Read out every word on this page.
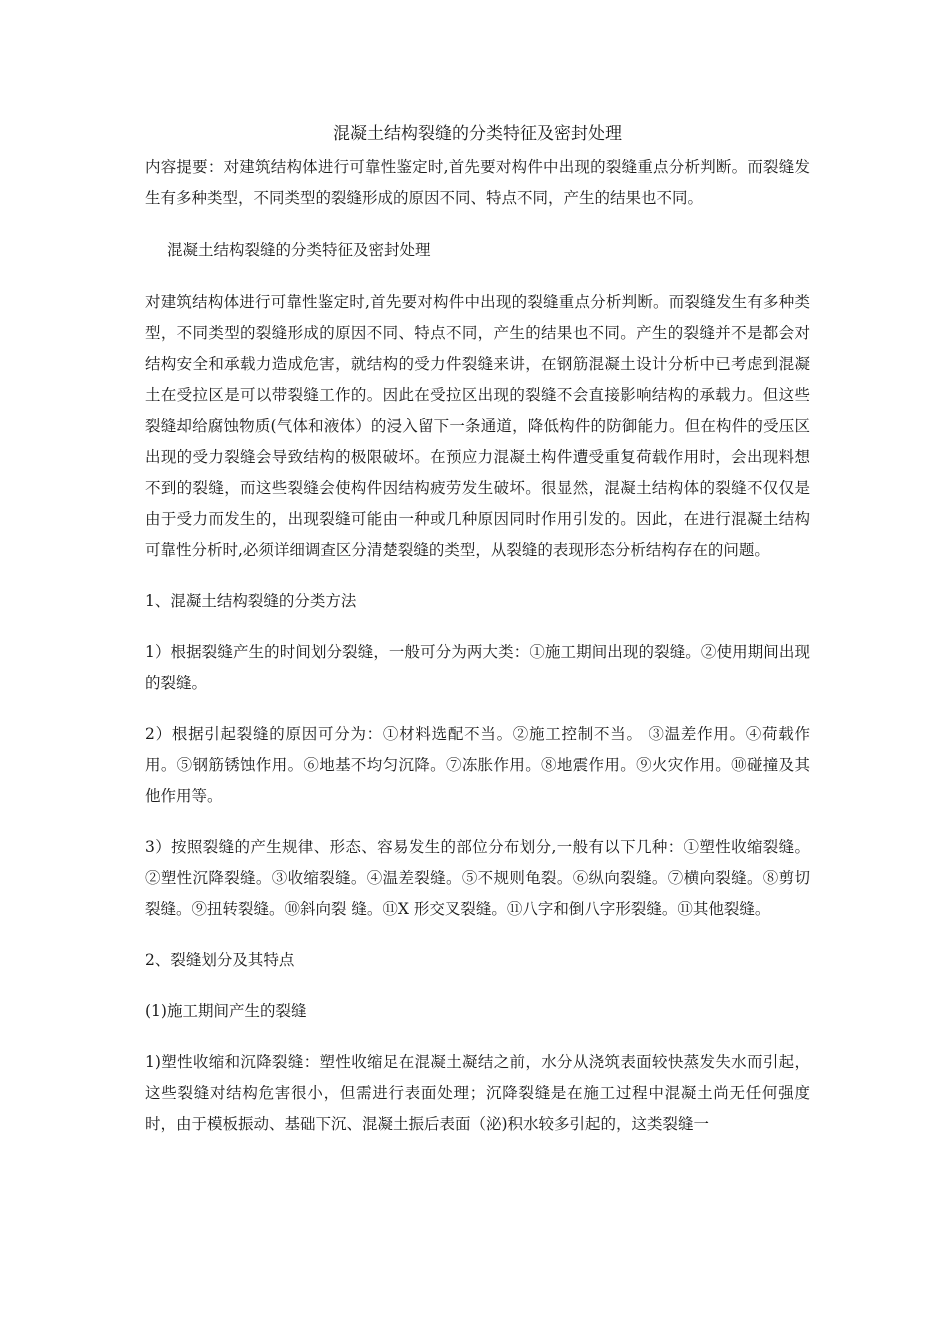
混凝土结构裂缝的分类特征及密封处理

内容提要：对建筑结构体进行可靠性鉴定时,首先要对构件中出现的裂缝重点分析判断。而裂缝发生有多种类型，不同类型的裂缝形成的原因不同、特点不同，产生的结果也不同。

混凝土结构裂缝的分类特征及密封处理

对建筑结构体进行可靠性鉴定时,首先要对构件中出现的裂缝重点分析判断。而裂缝发生有多种类型，不同类型的裂缝形成的原因不同、特点不同，产生的结果也不同。产生的裂缝并不是都会对结构安全和承载力造成危害，就结构的受力件裂缝来讲，在钢筋混凝土设计分析中已考虑到混凝土在受拉区是可以带裂缝工作的。因此在受拉区出现的裂缝不会直接影响结构的承载力。但这些裂缝却给腐蚀物质(气体和液体）的浸入留下一条通道，降低构件的防御能力。但在构件的受压区出现的受力裂缝会导致结构的极限破坏。在预应力混凝土构件遭受重复荷载作用时，会出现料想不到的裂缝，而这些裂缝会使构件因结构疲劳发生破坏。很显然，混凝土结构体的裂缝不仅仅是由于受力而发生的，出现裂缝可能由一种或几种原因同时作用引发的。因此，在进行混凝土结构可靠性分析时,必须详细调查区分清楚裂缝的类型，从裂缝的表现形态分析结构存在的问题。

1、混凝土结构裂缝的分类方法

1）根据裂缝产生的时间划分裂缝，一般可分为两大类：①施工期间出现的裂缝。②使用期间出现的裂缝。

2）根据引起裂缝的原因可分为：①材料选配不当。②施工控制不当。 ③温差作用。④荷载作用。⑤钢筋锈蚀作用。⑥地基不均匀沉降。⑦冻胀作用。⑧地震作用。⑨火灾作用。⑩碰撞及其他作用等。

3）按照裂缝的产生规律、形态、容易发生的部位分布划分,一般有以下几种：①塑性收缩裂缝。②塑性沉降裂缝。③收缩裂缝。④温差裂缝。⑤不规则龟裂。⑥纵向裂缝。⑦横向裂缝。⑧剪切裂缝。⑨扭转裂缝。⑩斜向裂 缝。⑪X 形交叉裂缝。⑪八字和倒八字形裂缝。⑪其他裂缝。

2、裂缝划分及其特点

(1)施工期间产生的裂缝

1)塑性收缩和沉降裂缝：塑性收缩足在混凝土凝结之前，水分从浇筑表面较快蒸发失水而引起，这些裂缝对结构危害很小，但需进行表面处理；沉降裂缝是在施工过程中混凝土尚无任何强度时，由于模板振动、基础下沉、混凝土振后表面（泌)积水较多引起的，这类裂缝一
